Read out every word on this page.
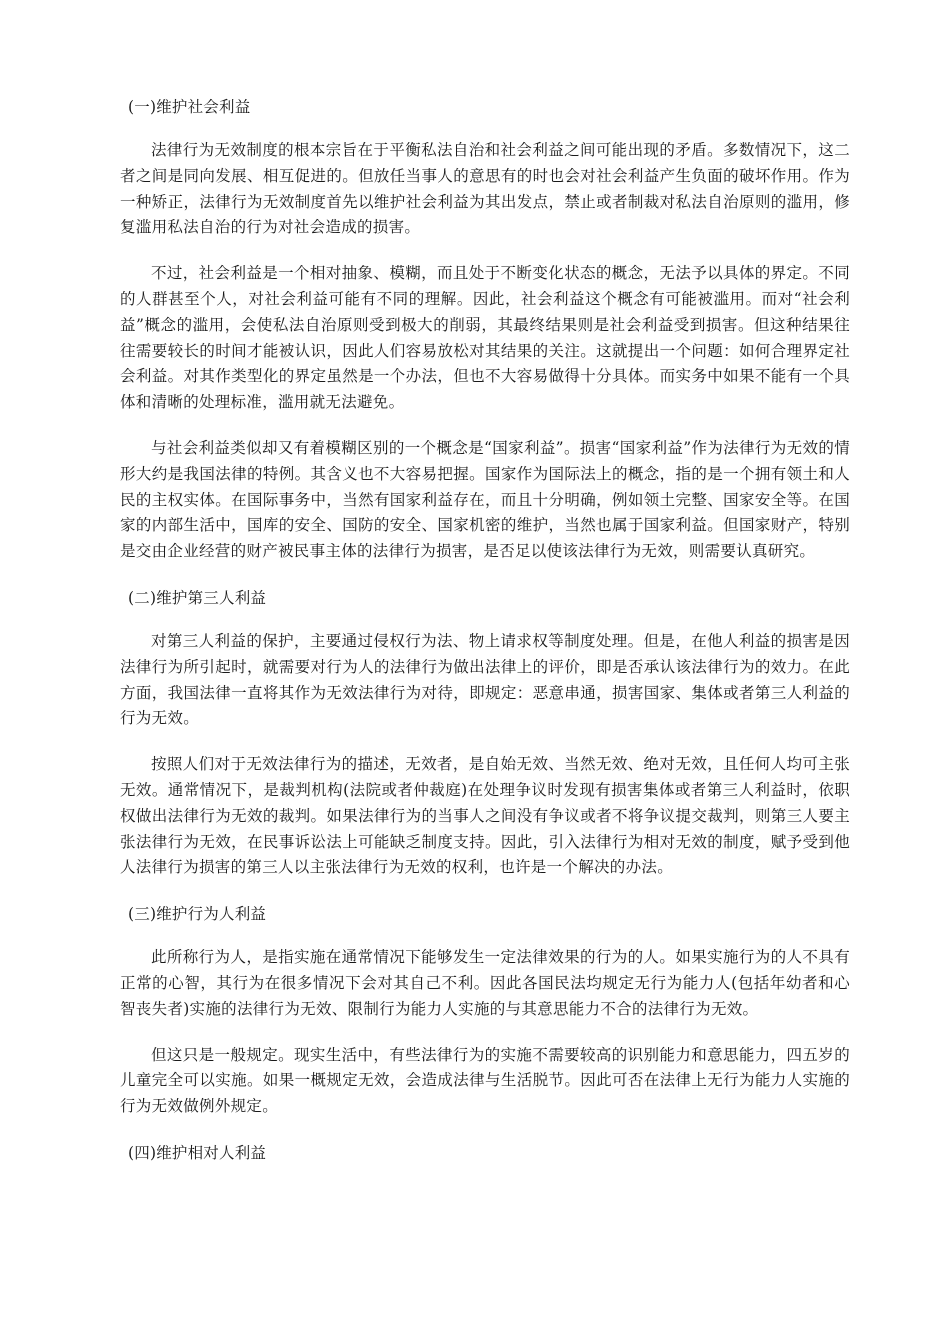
(一)维护社会利益

法律行为无效制度的根本宗旨在于平衡私法自治和社会利益之间可能出现的矛盾。多数情况下，这二者之间是同向发展、相互促进的。但放任当事人的意思有的时也会对社会利益产生负面的破坏作用。作为一种矫正，法律行为无效制度首先以维护社会利益为其出发点，禁止或者制裁对私法自治原则的滥用，修复滥用私法自治的行为对社会造成的损害。

不过，社会利益是一个相对抽象、模糊，而且处于不断变化状态的概念，无法予以具体的界定。不同的人群甚至个人，对社会利益可能有不同的理解。因此，社会利益这个概念有可能被滥用。而对“社会利益”概念的滥用，会使私法自治原则受到极大的削弱，其最终结果则是社会利益受到损害。但这种结果往往需要较长的时间才能被认识，因此人们容易放松对其结果的关注。这就提出一个问题：如何合理界定社会利益。对其作类型化的界定虽然是一个办法，但也不大容易做得十分具体。而实务中如果不能有一个具体和清晰的处理标准，滥用就无法避免。

与社会利益类似却又有着模糊区别的一个概念是“国家利益”。损害“国家利益”作为法律行为无效的情形大约是我国法律的特例。其含义也不大容易把握。国家作为国际法上的概念，指的是一个拥有领土和人民的主权实体。在国际事务中，当然有国家利益存在，而且十分明确，例如领土完整、国家安全等。在国家的内部生活中，国库的安全、国防的安全、国家机密的维护，当然也属于国家利益。但国家财产，特别是交由企业经营的财产被民事主体的法律行为损害，是否足以使该法律行为无效，则需要认真研究。

(二)维护第三人利益

对第三人利益的保护，主要通过侵权行为法、物上请求权等制度处理。但是，在他人利益的损害是因法律行为所引起时，就需要对行为人的法律行为做出法律上的评价，即是否承认该法律行为的效力。在此方面，我国法律一直将其作为无效法律行为对待，即规定：恶意串通，损害国家、集体或者第三人利益的行为无效。

按照人们对于无效法律行为的描述，无效者，是自始无效、当然无效、绝对无效，且任何人均可主张无效。通常情况下，是裁判机构(法院或者仲裁庭)在处理争议时发现有损害集体或者第三人利益时，依职权做出法律行为无效的裁判。如果法律行为的当事人之间没有争议或者不将争议提交裁判，则第三人要主张法律行为无效，在民事诉讼法上可能缺乏制度支持。因此，引入法律行为相对无效的制度，赋予受到他人法律行为损害的第三人以主张法律行为无效的权利，也许是一个解决的办法。

(三)维护行为人利益

此所称行为人，是指实施在通常情况下能够发生一定法律效果的行为的人。如果实施行为的人不具有正常的心智，其行为在很多情况下会对其自己不利。因此各国民法均规定无行为能力人(包括年幼者和心智丧失者)实施的法律行为无效、限制行为能力人实施的与其意思能力不合的法律行为无效。

但这只是一般规定。现实生活中，有些法律行为的实施不需要较高的识别能力和意思能力，四五岁的儿童完全可以实施。如果一概规定无效，会造成法律与生活脱节。因此可否在法律上无行为能力人实施的行为无效做例外规定。

(四)维护相对人利益
